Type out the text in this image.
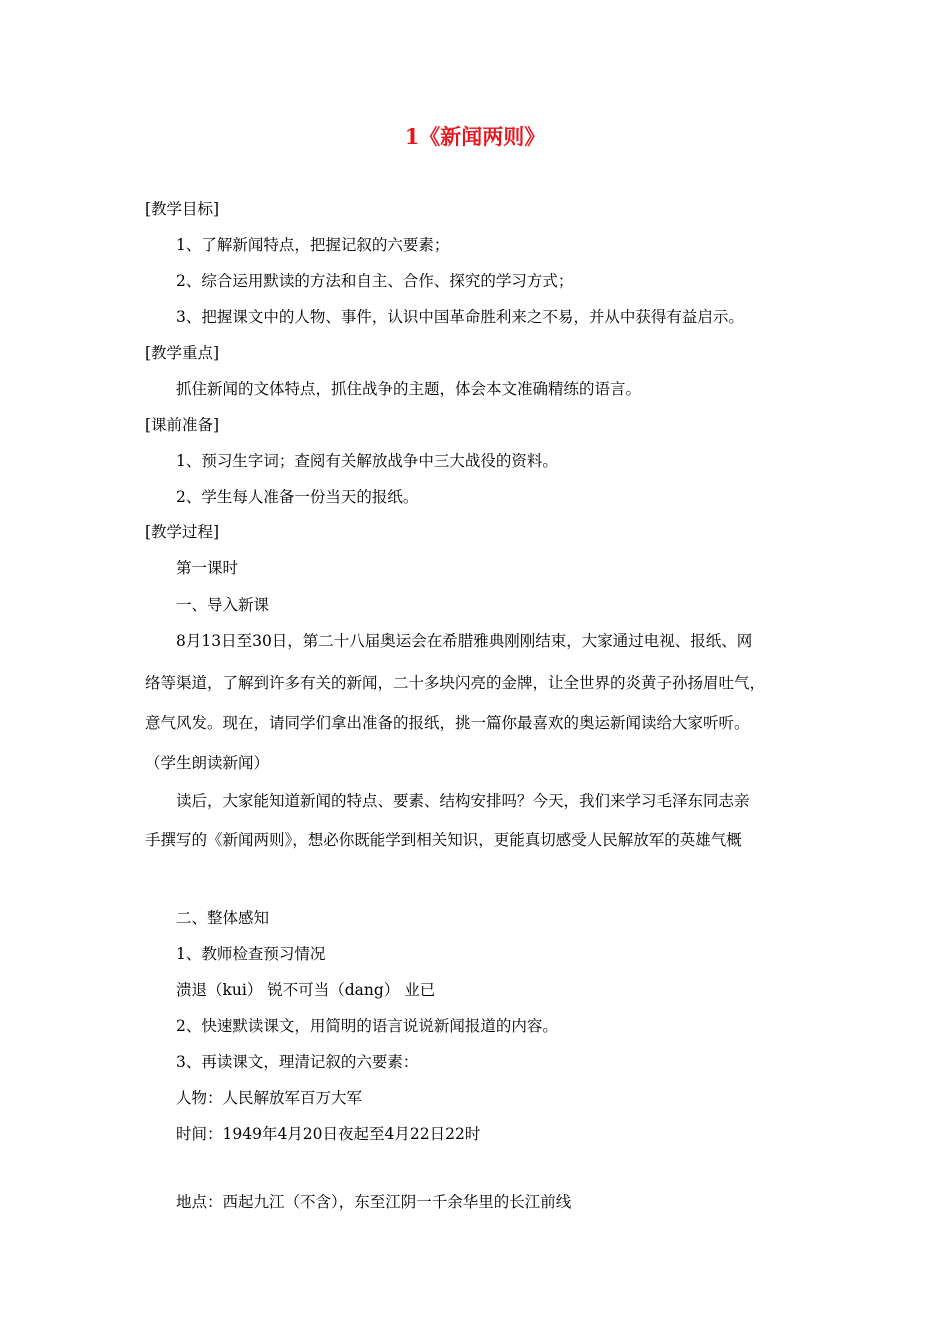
1《新闻两则》
[教学目标]
1、了解新闻特点，把握记叙的六要素；
2、综合运用默读的方法和自主、合作、探究的学习方式；
3、把握课文中的人物、事件，认识中国革命胜利来之不易，并从中获得有益启示。
[教学重点]
抓住新闻的文体特点，抓住战争的主题，体会本文准确精练的语言。
[课前准备]
1、预习生字词；查阅有关解放战争中三大战役的资料。
2、学生每人准备一份当天的报纸。
[教学过程]
第一课时
一、导入新课
8月13日至30日，第二十八届奥运会在希腊雅典刚刚结束，大家通过电视、报纸、网
络等渠道，了解到许多有关的新闻，二十多块闪亮的金牌，让全世界的炎黄子孙扬眉吐气，
意气风发。现在，请同学们拿出准备的报纸，挑一篇你最喜欢的奥运新闻读给大家听听。
（学生朗读新闻）
读后，大家能知道新闻的特点、要素、结构安排吗？今天，我们来学习毛泽东同志亲
手撰写的《新闻两则》，想必你既能学到相关知识，更能真切感受人民解放军的英雄气概
二、整体感知
1、教师检查预习情况
溃退（kui） 锐不可当（dang） 业已
2、快速默读课文，用简明的语言说说新闻报道的内容。
3、再读课文，理清记叙的六要素：
人物：人民解放军百万大军
时间：1949年4月20日夜起至4月22日22时
地点：西起九江（不含），东至江阴一千余华里的长江前线
